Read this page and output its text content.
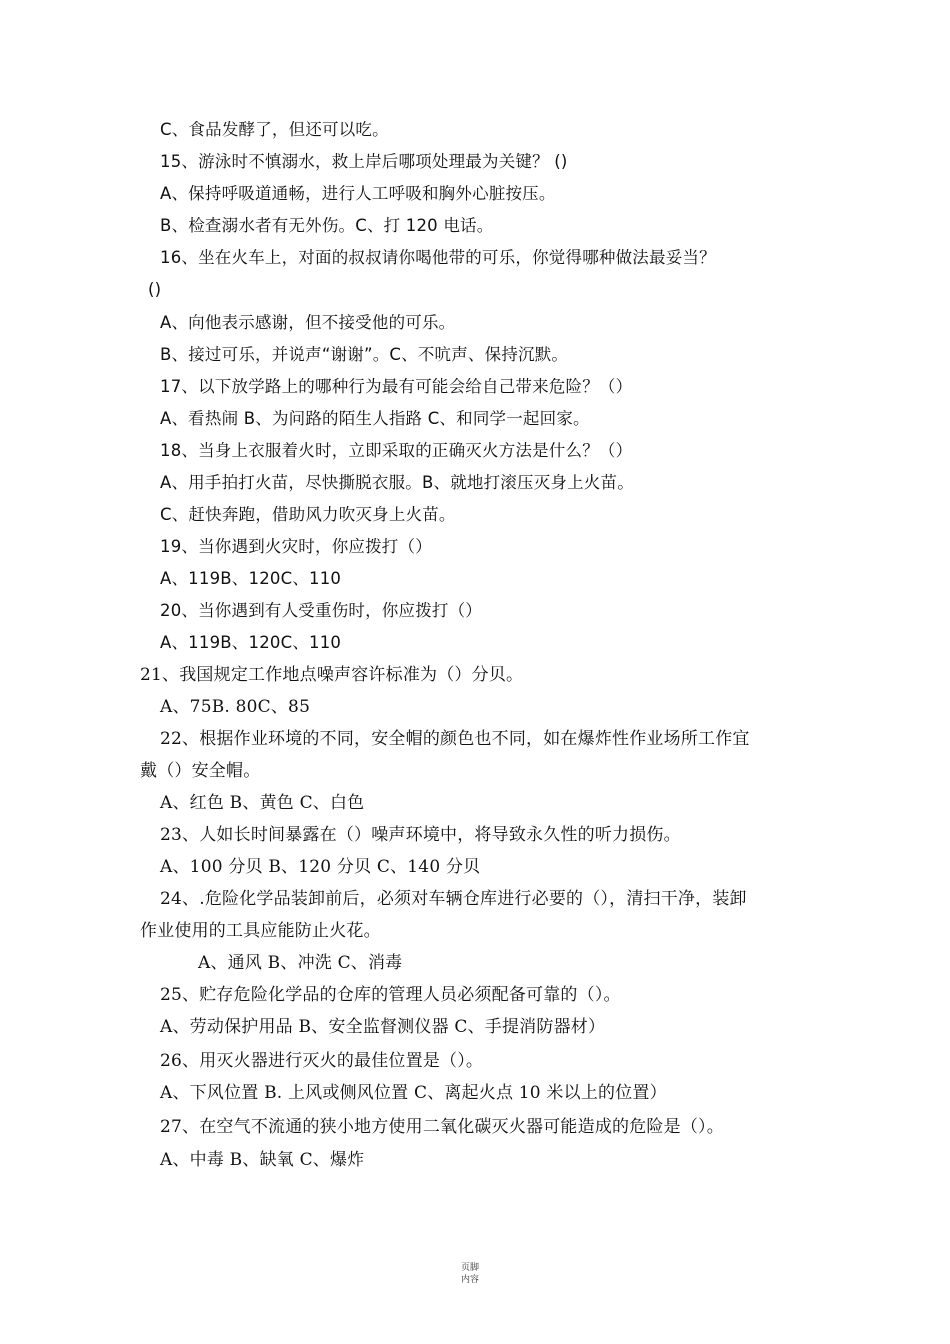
C、食品发酵了，但还可以吃。
15、游泳时不慎溺水，救上岸后哪项处理最为关键？ ()
A、保持呼吸道通畅，进行人工呼吸和胸外心脏按压。
B、检查溺水者有无外伤。C、打 120 电话。
16、坐在火车上，对面的叔叔请你喝他带的可乐，你觉得哪种做法最妥当？
()
A、向他表示感谢，但不接受他的可乐。
B、接过可乐，并说声“谢谢”。C、不吭声、保持沉默。
17、以下放学路上的哪种行为最有可能会给自己带来危险？（）
A、看热闹 B、为问路的陌生人指路 C、和同学一起回家。
18、当身上衣服着火时，立即采取的正确灭火方法是什么？（）
A、用手拍打火苗，尽快撕脱衣服。B、就地打滚压灭身上火苗。
C、赶快奔跑，借助风力吹灭身上火苗。
19、当你遇到火灾时，你应拨打（）
A、119B、120C、110
20、当你遇到有人受重伤时，你应拨打（）
A、119B、120C、110
21、我国规定工作地点噪声容许标准为（）分贝。
A、75B. 80C、85
22、根据作业环境的不同，安全帽的颜色也不同，如在爆炸性作业场所工作宜
戴（）安全帽。
A、红色 B、黄色 C、白色
23、人如长时间暴露在（）噪声环境中，将导致永久性的听力损伤。
A、100 分贝 B、120 分贝 C、140 分贝
24、.危险化学品装卸前后，必须对车辆仓库进行必要的（），清扫干净，装卸
作业使用的工具应能防止火花。
A、通风 B、冲洗 C、消毒
25、贮存危险化学品的仓库的管理人员必须配备可靠的（）。
A、劳动保护用品 B、安全监督测仪器 C、手提消防器材）
26、用灭火器进行灭火的最佳位置是（）。
A、下风位置 B. 上风或侧风位置 C、离起火点 10 米以上的位置）
27、在空气不流通的狭小地方使用二氧化碳灭火器可能造成的危险是（）。
A、中毒 B、缺氧 C、爆炸
页脚
内容
